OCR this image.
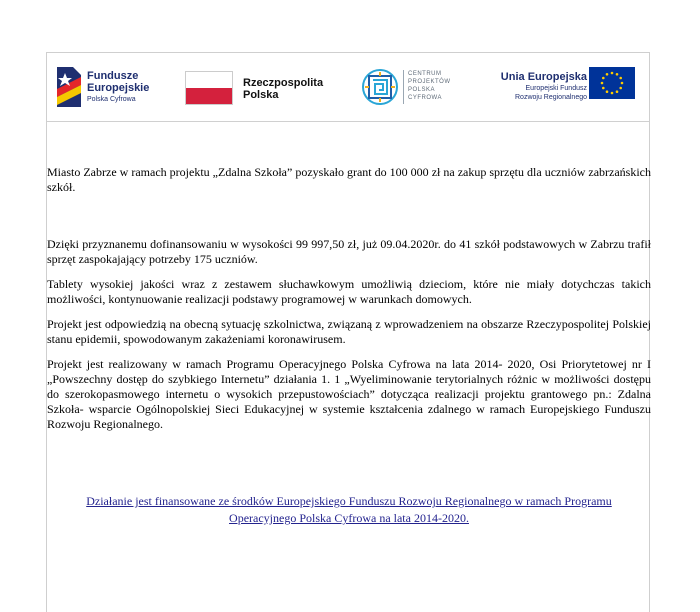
Fundusze
Europejskie
Polska Cyfrowa
Rzeczpospolita
Polska
CENTRUM
PROJEKTÓW
POLSKA
CYFROWA
Unia Europejska
Europejski Fundusz
Rozwoju Regionalnego

Miasto Zabrze w ramach projektu „Zdalna Szkoła” pozyskało grant do 100 000 zł na zakup sprzętu dla uczniów zabrzańskich szkół.

Dzięki przyznanemu dofinansowaniu w wysokości 99 997,50 zł, już 09.04.2020r. do 41 szkół podstawowych w Zabrzu trafił sprzęt zaspokajający potrzeby 175 uczniów.

Tablety wysokiej jakości wraz z zestawem słuchawkowym umożliwią dzieciom, które nie miały dotychczas takich możliwości, kontynuowanie realizacji podstawy programowej w warunkach domowych.

Projekt jest odpowiedzią na obecną sytuację szkolnictwa, związaną z wprowadzeniem na obszarze Rzeczypospolitej Polskiej stanu epidemii, spowodowanym zakażeniami koronawirusem.

Projekt jest realizowany w ramach Programu Operacyjnego Polska Cyfrowa na lata 2014- 2020, Osi Priorytetowej nr I „Powszechny dostęp do szybkiego Internetu” działania 1. 1 „Wyeliminowanie terytorialnych różnic w możliwości dostępu do szerokopasmowego internetu o wysokich przepustowościach” dotycząca realizacji projektu grantowego pn.: Zdalna Szkoła- wsparcie Ogólnopolskiej Sieci Edukacyjnej w systemie kształcenia zdalnego w ramach Europejskiego Funduszu Rozwoju Regionalnego.

Działanie jest finansowane ze środków Europejskiego Funduszu Rozwoju Regionalnego w ramach Programu Operacyjnego Polska Cyfrowa na lata 2014-2020.
